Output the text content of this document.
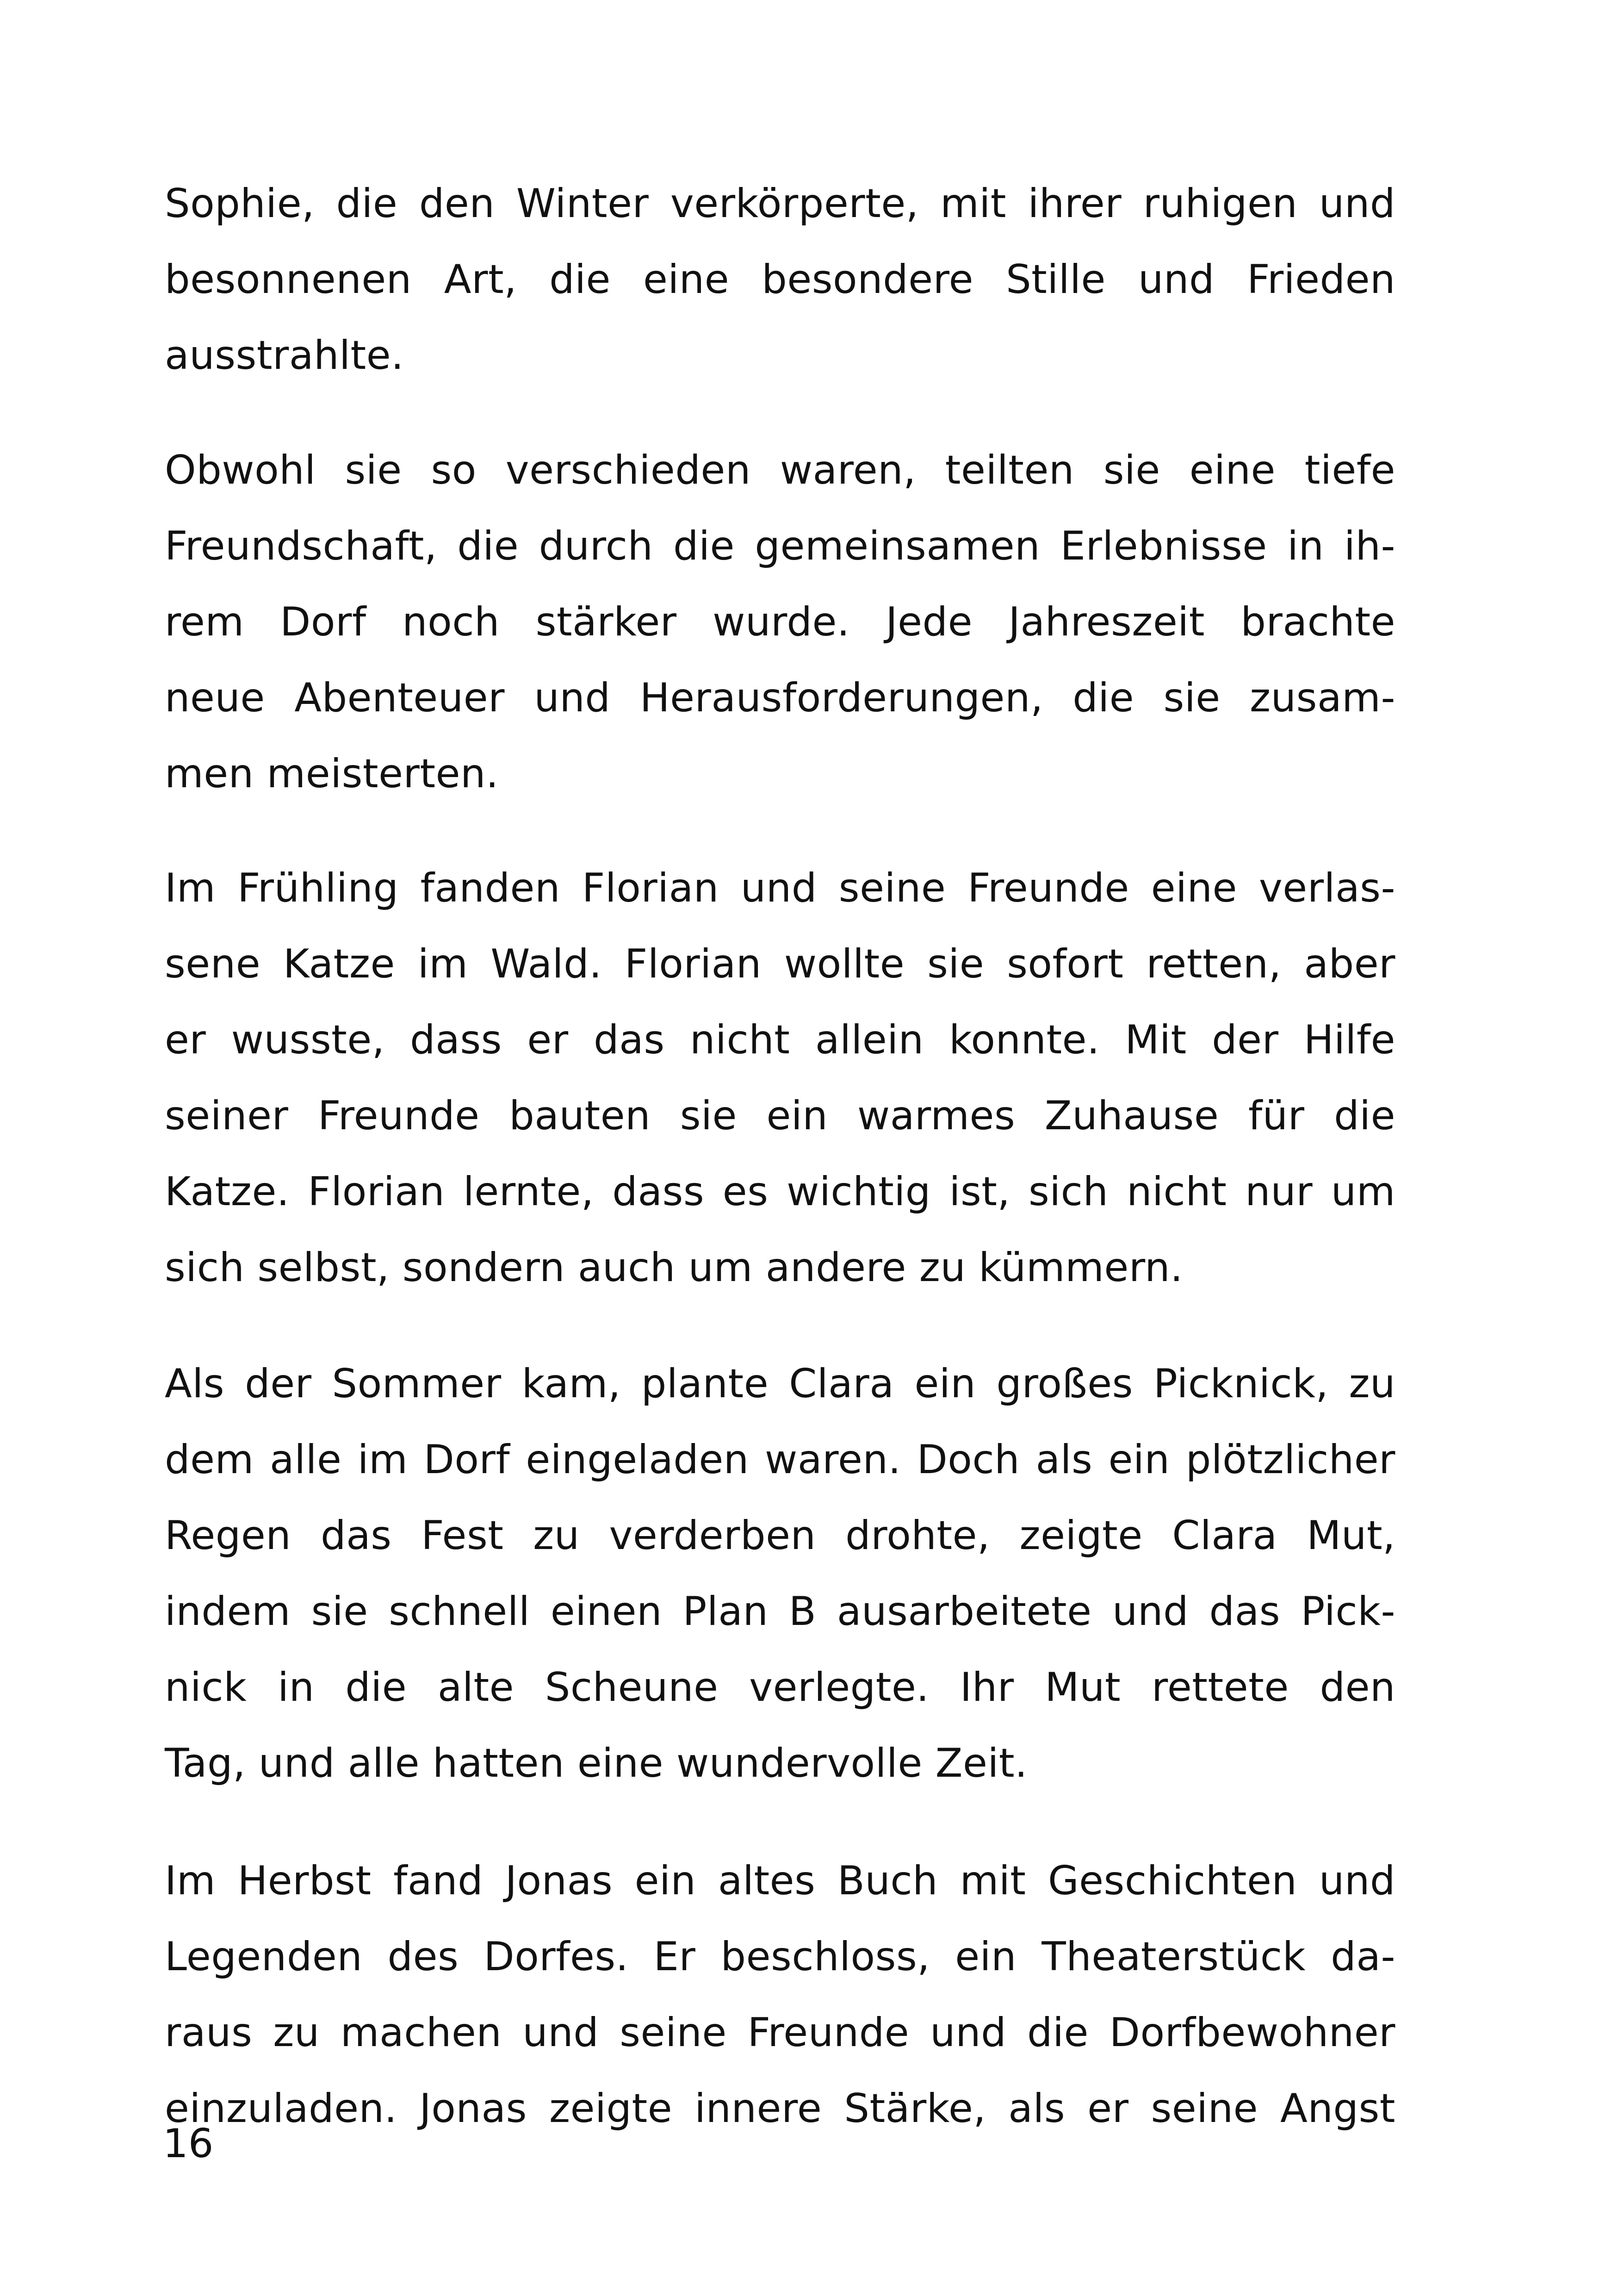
Sophie, die den Winter verkörperte, mit ihrer ruhigen und
besonnenen Art, die eine besondere Stille und Frieden
ausstrahlte.
Obwohl sie so verschieden waren, teilten sie eine tiefe
Freundschaft, die durch die gemeinsamen Erlebnisse in ih-
rem Dorf noch stärker wurde. Jede Jahreszeit brachte
neue Abenteuer und Herausforderungen, die sie zusam-
men meisterten.
Im Frühling fanden Florian und seine Freunde eine verlas-
sene Katze im Wald. Florian wollte sie sofort retten, aber
er wusste, dass er das nicht allein konnte. Mit der Hilfe
seiner Freunde bauten sie ein warmes Zuhause für die
Katze. Florian lernte, dass es wichtig ist, sich nicht nur um
sich selbst, sondern auch um andere zu kümmern.
Als der Sommer kam, plante Clara ein großes Picknick, zu
dem alle im Dorf eingeladen waren. Doch als ein plötzlicher
Regen das Fest zu verderben drohte, zeigte Clara Mut,
indem sie schnell einen Plan B ausarbeitete und das Pick-
nick in die alte Scheune verlegte. Ihr Mut rettete den
Tag, und alle hatten eine wundervolle Zeit.
Im Herbst fand Jonas ein altes Buch mit Geschichten und
Legenden des Dorfes. Er beschloss, ein Theaterstück da-
raus zu machen und seine Freunde und die Dorfbewohner
einzuladen. Jonas zeigte innere Stärke, als er seine Angst
16
